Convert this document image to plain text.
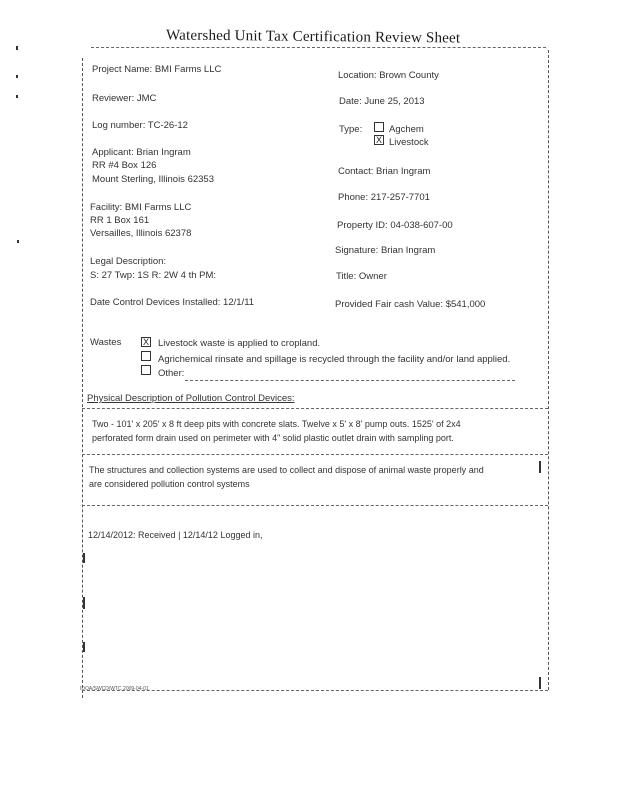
Watershed Unit Tax Certification Review Sheet
Project Name: BMI Farms LLC
Location: Brown County
Reviewer: JMC	Date: June 25, 2013
Log number: TC-26-12	Type:	Agchem
X Livestock
Applicant: Brian Ingram
RR #4 Box 126
Mount Sterling, Illinois 62353
Contact: Brian Ingram
Phone: 217-257-7701
Facility: BMI Farms LLC
RR 1 Box 161
Versailles, Illinois 62378
Property ID: 04-038-607-00
Signature: Brian Ingram
Legal Description:
S: 27 Twp: 1S R: 2W 4 th PM:	Title: Owner
Date Control Devices Installed: 12/1/11	Provided Fair cash Value: $541,000
Wastes X Livestock waste is applied to cropland.
Agrichemical rinsate and spillage is recycled through the facility and/or land applied.
Other:
Physical Description of Pollution Control Devices:
Two - 101' x 205' x 8 ft deep pits with concrete slats. Twelve x 5' x 8' pump outs. 1525' of 2x4
perforated form drain used on perimeter with 4" solid plastic outlet drain with sampling port.
The structures and collection systems are used to collect and dispose of animal waste properly and
are considered pollution control systems
12/14/2012: Received | 12/14/12 Logged in,
IDOA/SWCD/WTC 2009-04-01
